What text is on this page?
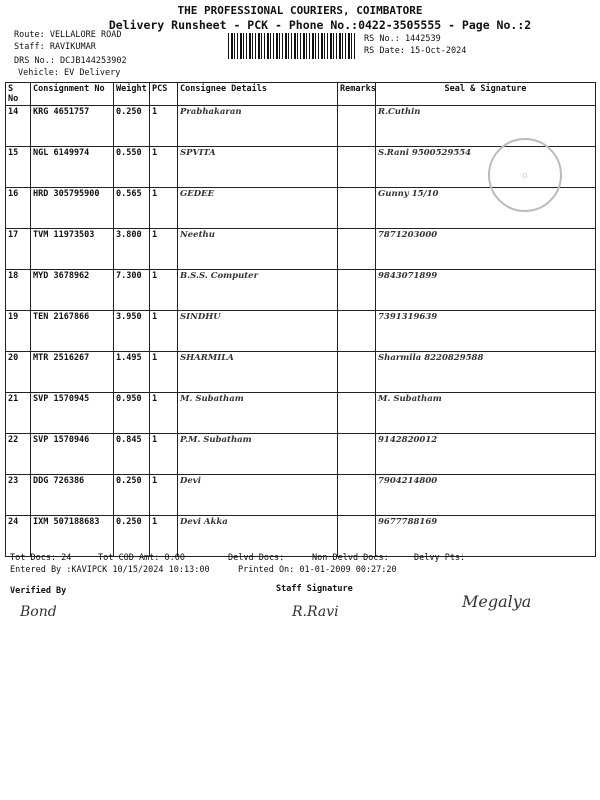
THE PROFESSIONAL COURIERS, COIMBATORE
Delivery Runsheet - PCK - Phone No.:0422-3505555 - Page No.:2
Route: VELLALORE ROAD
Staff: RAVIKUMAR
DRS No.: DCJB144253902
Vehicle: EV Delivery
RS No.: 1442539
RS Date: 15-Oct-2024
S No	Consignment No	Weight	PCS	Consignee Details	Remarks	Seal & Signature
14	KRG 4651757	0.250	1	Prabhakaran		R.Cuthin
15	NGL 6149974	0.550	1	SPVITA		S.Rani 9500529554
16	HRD 305795900	0.565	1	GEDEE		Gunny 15/10
17	TVM 11973503	3.800	1	Neethu		7871203000
18	MYD 3678962	7.300	1	B.S.S. Computer		9843071899
19	TEN 2167866	3.950	1	SINDHU		7391319639
20	MTR 2516267	1.495	1	SHARMILA		Sharmila 8220829588
21	SVP 1570945	0.950	1	M. Subatham		M. Subatham
22	SVP 1570946	0.845	1	P.M. Subatham		9142820012
23	DDG 726386	0.250	1	Devi		7904214800
24	IXM 507188683	0.250	1	Devi Akka		9677788169
◯
Tot Docs: 24	Tot COD Amt: 0.00	Delvd Docs:	Non Delvd Docs:	Delvy Pts:
Entered By :KAVIPCK 10/15/2024 10:13:00	Printed On: 01-01-2009 00:27:20
Verified By	Staff Signature
Bond	R.Ravi
Megalya
